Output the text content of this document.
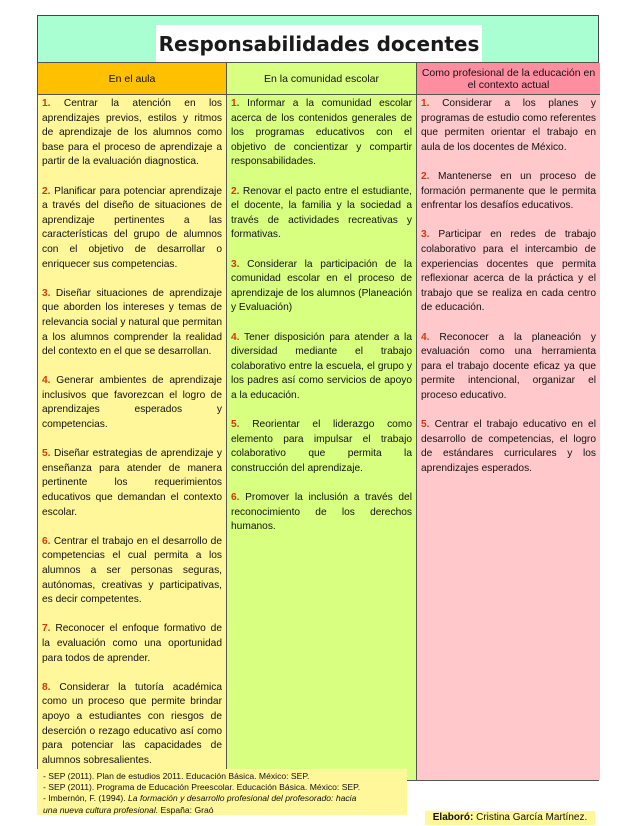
Responsabilidades docentes
En el aula
1. Centrar la atención en los aprendizajes previos, estilos y ritmos de aprendizaje de los alumnos como base para el proceso de aprendizaje a partir de la evaluación diagnostica.
2. Planificar para potenciar aprendizaje a través del diseño de situaciones de aprendizaje pertinentes a las características del grupo de alumnos con el objetivo de desarrollar o enriquecer sus competencias.
3. Diseñar situaciones de aprendizaje que aborden los intereses y temas de relevancia social y natural que permitan a los alumnos comprender la realidad del contexto en el que se desarrollan.
4. Generar ambientes de aprendizaje inclusivos que favorezcan el logro de aprendizajes esperados y competencias.
5. Diseñar estrategias de aprendizaje y enseñanza para atender de manera pertinente los requerimientos educativos que demandan el contexto escolar.
6. Centrar el trabajo en el desarrollo de competencias el cual permita a los alumnos a ser personas seguras, autónomas, creativas y participativas, es decir competentes.
7. Reconocer el enfoque formativo de la evaluación como una oportunidad para todos de aprender.
8. Considerar la tutoría académica como un proceso que permite brindar apoyo a estudiantes con riesgos de deserción o rezago educativo así como para potenciar las capacidades de alumnos sobresalientes.
En la comunidad escolar
1. Informar a la comunidad escolar acerca de los contenidos generales de los programas educativos con el objetivo de concientizar y compartir responsabilidades.
2. Renovar el pacto entre el estudiante, el docente, la familia y la sociedad a través de actividades recreativas y formativas.
3. Considerar la participación de la comunidad escolar en el proceso de aprendizaje de los alumnos (Planeación y Evaluación)
4. Tener disposición para atender a la diversidad mediante el trabajo colaborativo entre la escuela, el grupo y los padres así como servicios de apoyo a la educación.
5. Reorientar el liderazgo como elemento para impulsar el trabajo colaborativo que permita la construcción del aprendizaje.
6. Promover la inclusión a través del reconocimiento de los derechos humanos.
Como profesional de la educación en el contexto actual
1. Considerar a los planes y programas de estudio como referentes que permiten orientar el trabajo en aula de los docentes de México.
2. Mantenerse en un proceso de formación permanente que le permita enfrentar los desafíos educativos.
3. Participar en redes de trabajo colaborativo para el intercambio de experiencias docentes que permita reflexionar acerca de la práctica y el trabajo que se realiza en cada centro de educación.
4. Reconocer a la planeación y evaluación como una herramienta para el trabajo docente eficaz ya que permite intencional, organizar el proceso educativo.
5. Centrar el trabajo educativo en el desarrollo de competencias, el logro de estándares curriculares y los aprendizajes esperados.
- SEP (2011). Plan de estudios 2011. Educación Básica. México: SEP.
- SEP (2011). Programa de Educación Preescolar. Educación Básica. México: SEP.
- Imbernón, F. (1994). La formación y desarrollo profesional del profesorado: hacia
una nueva cultura profesional. España: Graó
Elaboró: Cristina García Martínez.
